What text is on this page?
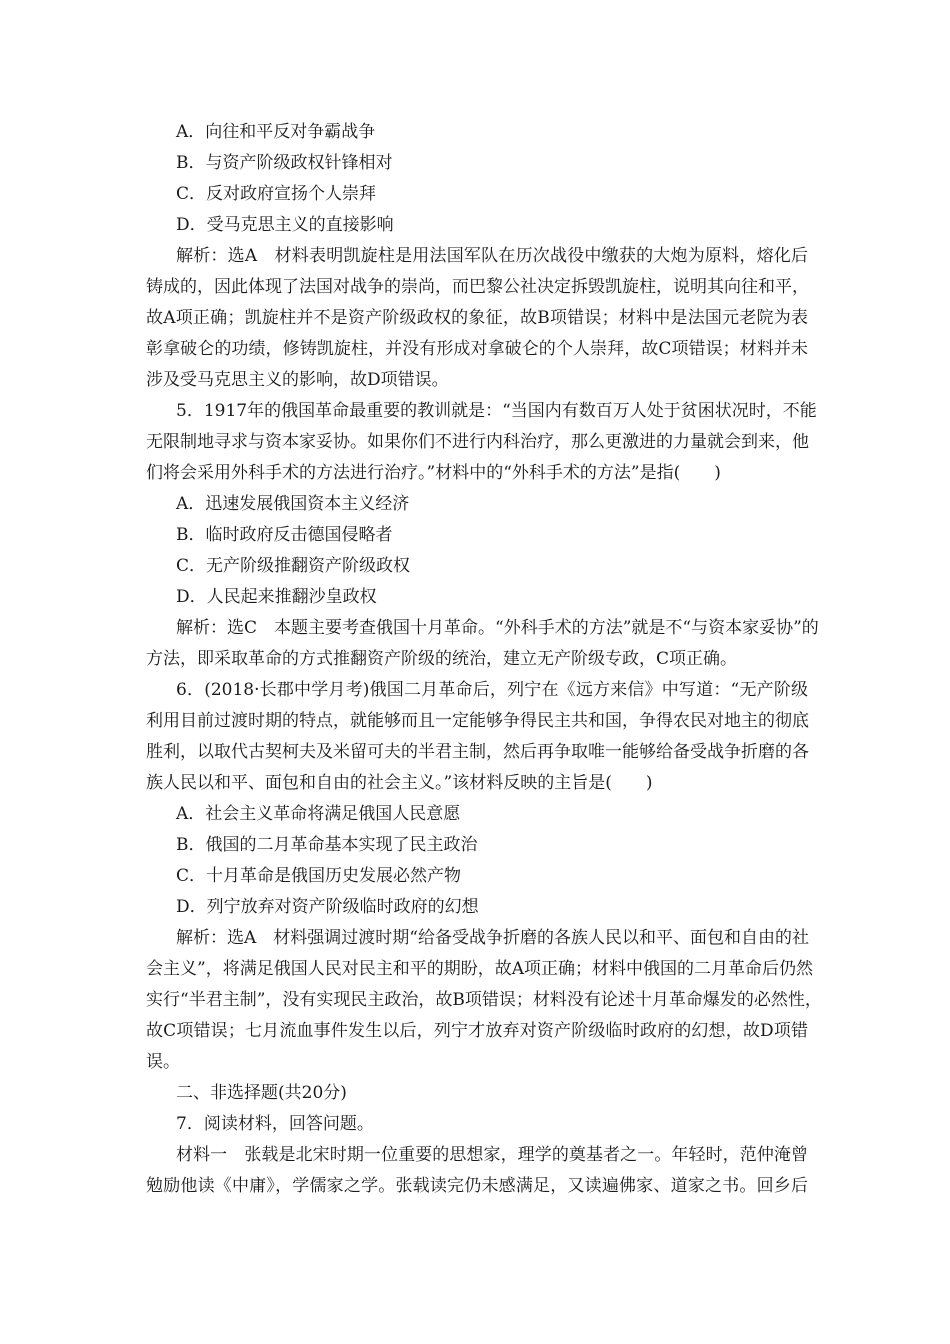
A．向往和平反对争霸战争
B．与资产阶级政权针锋相对
C．反对政府宣扬个人崇拜
D．受马克思主义的直接影响
解析：选A　材料表明凯旋柱是用法国军队在历次战役中缴获的大炮为原料，熔化后
铸成的，因此体现了法国对战争的崇尚，而巴黎公社决定拆毁凯旋柱，说明其向往和平，
故A项正确；凯旋柱并不是资产阶级政权的象征，故B项错误；材料中是法国元老院为表
彰拿破仑的功绩，修铸凯旋柱，并没有形成对拿破仑的个人崇拜，故C项错误；材料并未
涉及受马克思主义的影响，故D项错误。
5．1917年的俄国革命最重要的教训就是：“当国内有数百万人处于贫困状况时，不能
无限制地寻求与资本家妥协。如果你们不进行内科治疗，那么更激进的力量就会到来，他
们将会采用外科手术的方法进行治疗。”材料中的“外科手术的方法”是指(　　)
A．迅速发展俄国资本主义经济
B．临时政府反击德国侵略者
C．无产阶级推翻资产阶级政权
D．人民起来推翻沙皇政权
解析：选C　本题主要考查俄国十月革命。“外科手术的方法”就是不“与资本家妥协”的
方法，即采取革命的方式推翻资产阶级的统治，建立无产阶级专政，C项正确。
6．(2018·长郡中学月考)俄国二月革命后，列宁在《远方来信》中写道：“无产阶级
利用目前过渡时期的特点，就能够而且一定能够争得民主共和国，争得农民对地主的彻底
胜利，以取代古契柯夫及米留可夫的半君主制，然后再争取唯一能够给备受战争折磨的各
族人民以和平、面包和自由的社会主义。”该材料反映的主旨是(　　)
A．社会主义革命将满足俄国人民意愿
B．俄国的二月革命基本实现了民主政治
C．十月革命是俄国历史发展必然产物
D．列宁放弃对资产阶级临时政府的幻想
解析：选A　材料强调过渡时期“给备受战争折磨的各族人民以和平、面包和自由的社
会主义”，将满足俄国人民对民主和平的期盼，故A项正确；材料中俄国的二月革命后仍然
实行“半君主制”，没有实现民主政治，故B项错误；材料没有论述十月革命爆发的必然性，
故C项错误；七月流血事件发生以后，列宁才放弃对资产阶级临时政府的幻想，故D项错
误。
二、非选择题(共20分)
7．阅读材料，回答问题。
材料一　张载是北宋时期一位重要的思想家，理学的奠基者之一。年轻时，范仲淹曾
勉励他读《中庸》，学儒家之学。张载读完仍未感满足，又读遍佛家、道家之书。回乡后
